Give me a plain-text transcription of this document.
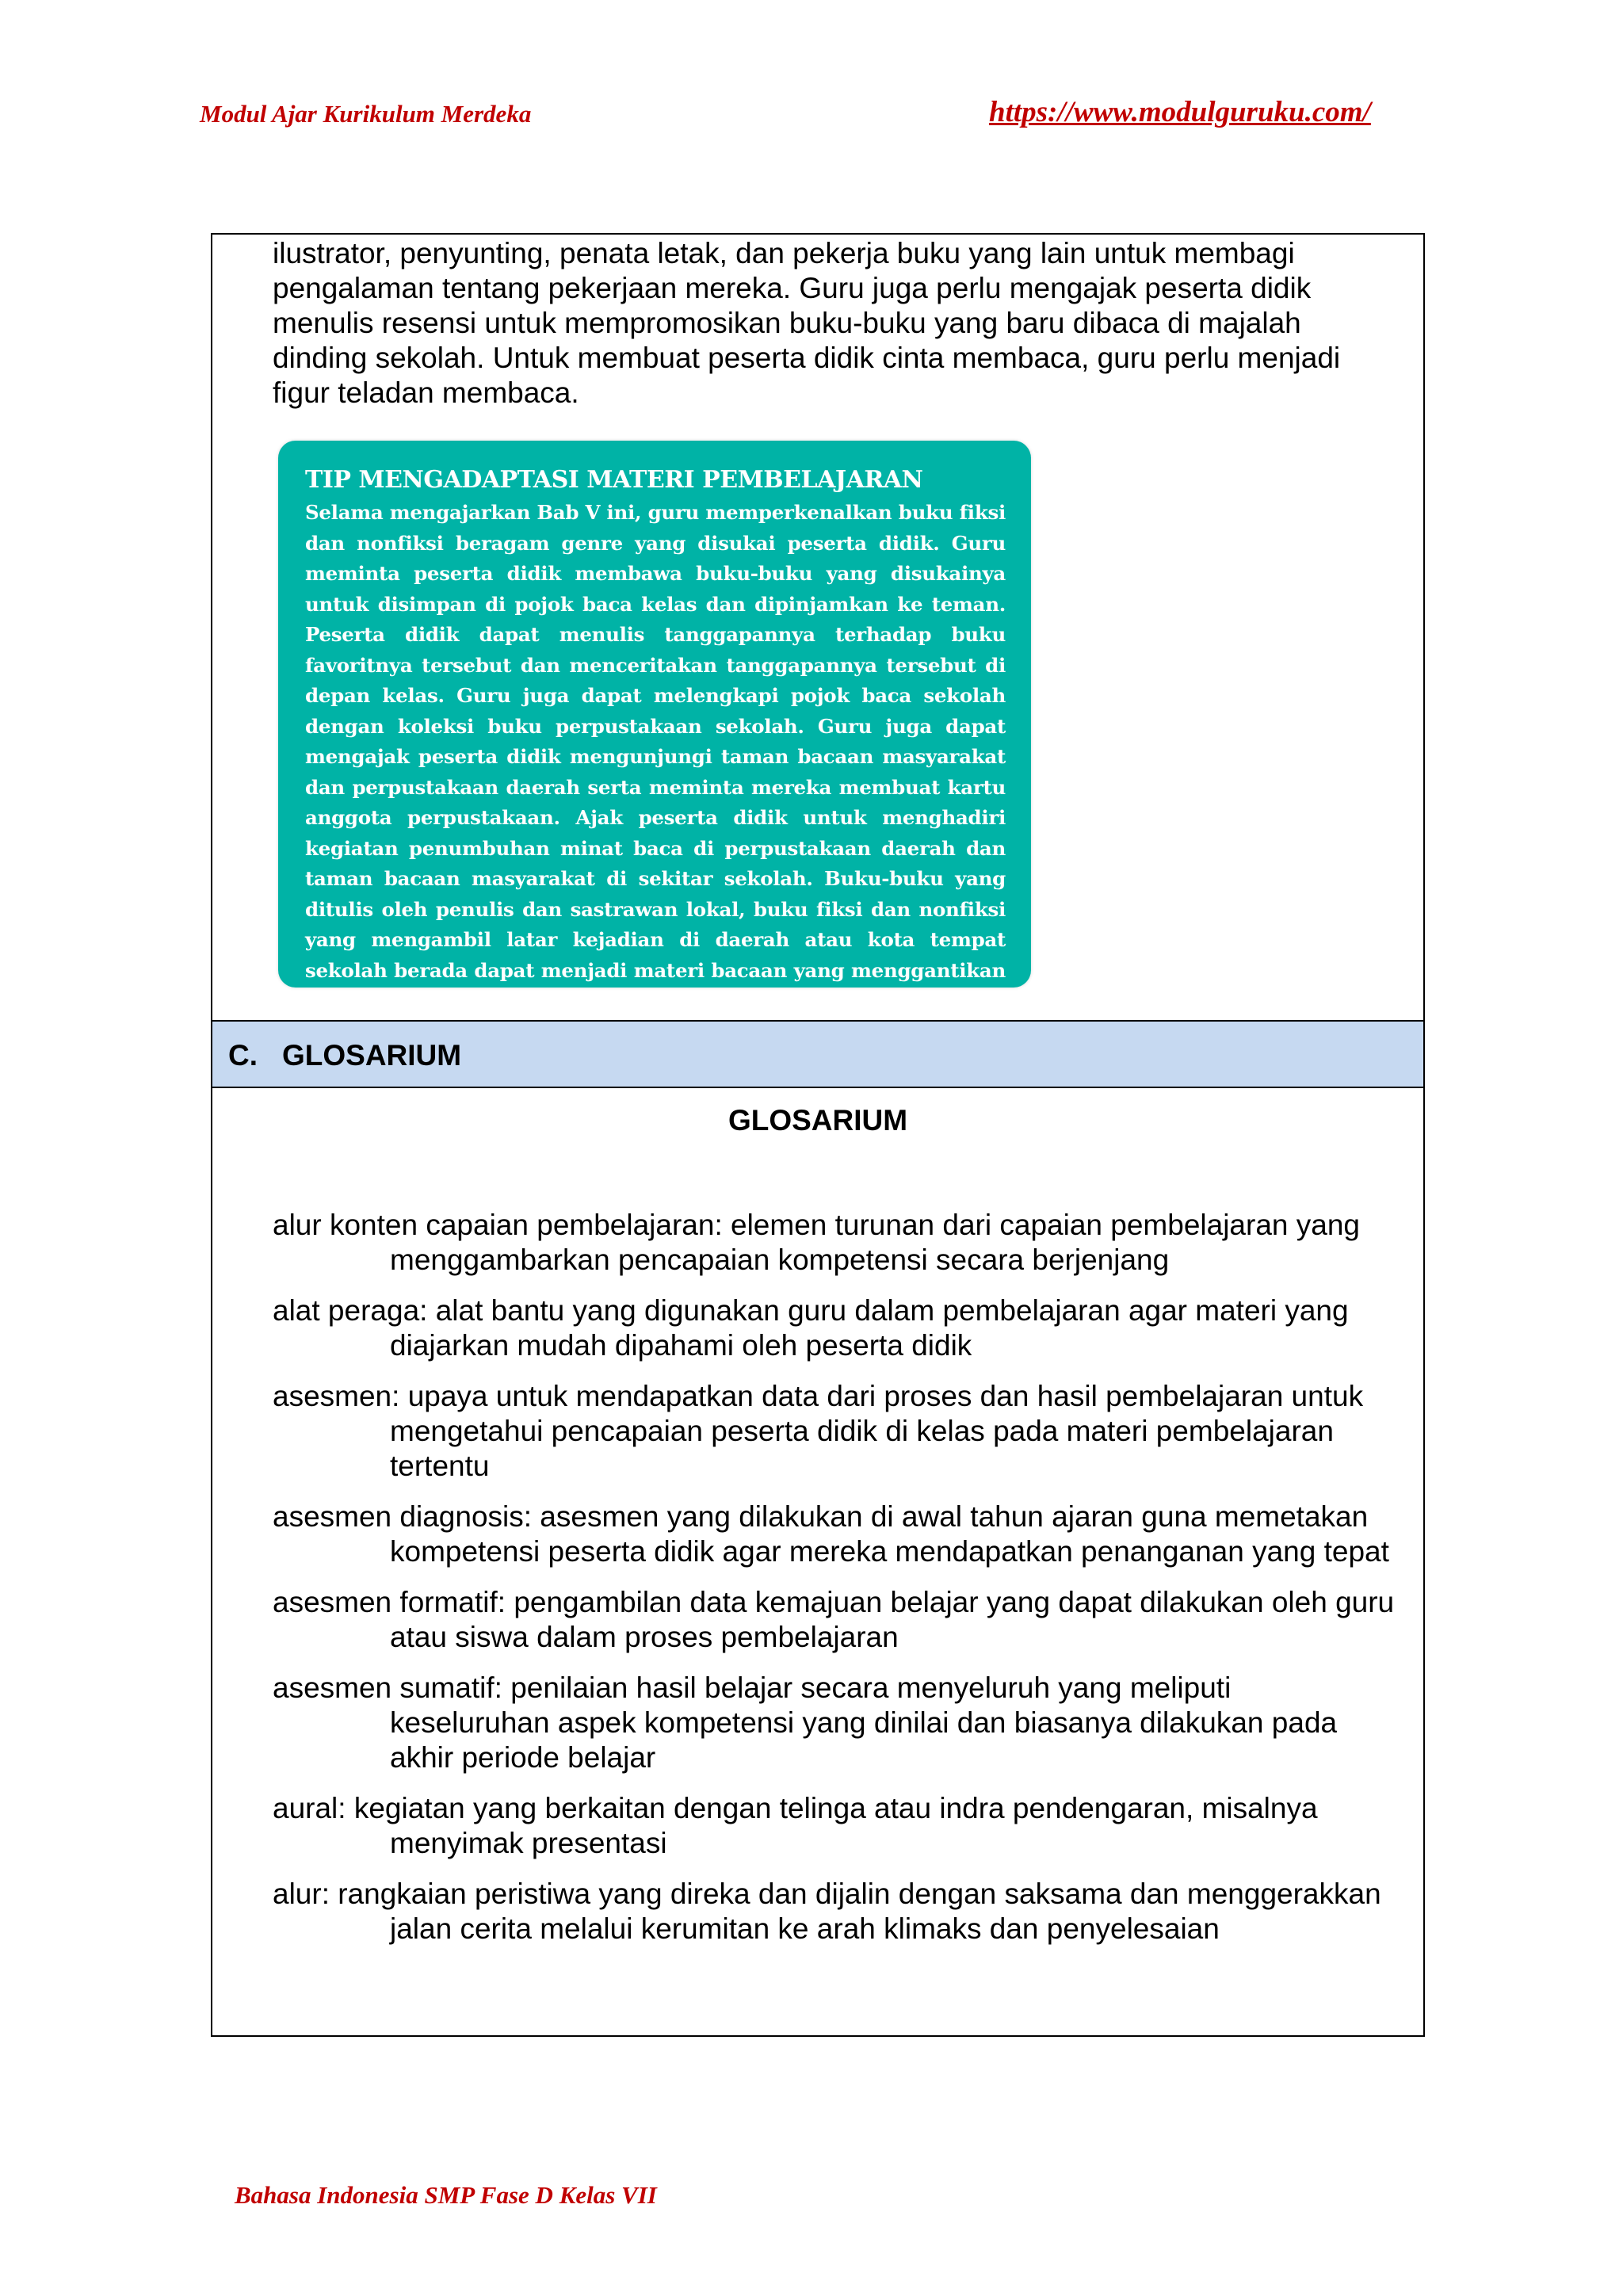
Modul Ajar Kurikulum Merdeka	https://www.modulguruku.com/

ilustrator, penyunting, penata letak, dan pekerja buku yang lain untuk membagi pengalaman tentang pekerjaan mereka. Guru juga perlu mengajak peserta didik menulis resensi untuk mempromosikan buku-buku yang baru dibaca di majalah dinding sekolah. Untuk membuat peserta didik cinta membaca, guru perlu menjadi figur teladan membaca.

TIP MENGADAPTASI MATERI PEMBELAJARAN
Selama mengajarkan Bab V ini, guru memperkenalkan buku fiksi dan nonfiksi beragam genre yang disukai peserta didik. Guru meminta peserta didik membawa buku-buku yang disukainya untuk disimpan di pojok baca kelas dan dipinjamkan ke teman. Peserta didik dapat menulis tanggapannya terhadap buku favoritnya tersebut dan menceritakan tanggapannya tersebut di depan kelas. Guru juga dapat melengkapi pojok baca sekolah dengan koleksi buku perpustakaan sekolah. Guru juga dapat mengajak peserta didik mengunjungi taman bacaan masyarakat dan perpustakaan daerah serta meminta mereka membuat kartu anggota perpustakaan. Ajak peserta didik untuk menghadiri kegiatan penumbuhan minat baca di perpustakaan daerah dan taman bacaan masyarakat di sekitar sekolah. Buku-buku yang ditulis oleh penulis dan sastrawan lokal, buku fiksi dan nonfiksi yang mengambil latar kejadian di daerah atau kota tempat sekolah berada dapat menjadi materi bacaan yang menggantikan materi pada Bab V Buku Siswa ini.
C. GLOSARIUM
GLOSARIUM
alur konten capaian pembelajaran: elemen turunan dari capaian pembelajaran yang menggambarkan pencapaian kompetensi secara berjenjang
alat peraga: alat bantu yang digunakan guru dalam pembelajaran agar materi yang diajarkan mudah dipahami oleh peserta didik
asesmen: upaya untuk mendapatkan data dari proses dan hasil pembelajaran untuk mengetahui pencapaian peserta didik di kelas pada materi pembelajaran tertentu
asesmen diagnosis: asesmen yang dilakukan di awal tahun ajaran guna memetakan kompetensi peserta didik agar mereka mendapatkan penanganan yang tepat
asesmen formatif: pengambilan data kemajuan belajar yang dapat dilakukan oleh guru atau siswa dalam proses pembelajaran
asesmen sumatif: penilaian hasil belajar secara menyeluruh yang meliputi keseluruhan aspek kompetensi yang dinilai dan biasanya dilakukan pada akhir periode belajar
aural: kegiatan yang berkaitan dengan telinga atau indra pendengaran, misalnya menyimak presentasi
alur: rangkaian peristiwa yang direka dan dijalin dengan saksama dan menggerakkan jalan cerita melalui kerumitan ke arah klimaks dan penyelesaian
Bahasa Indonesia SMP Fase D Kelas VII
